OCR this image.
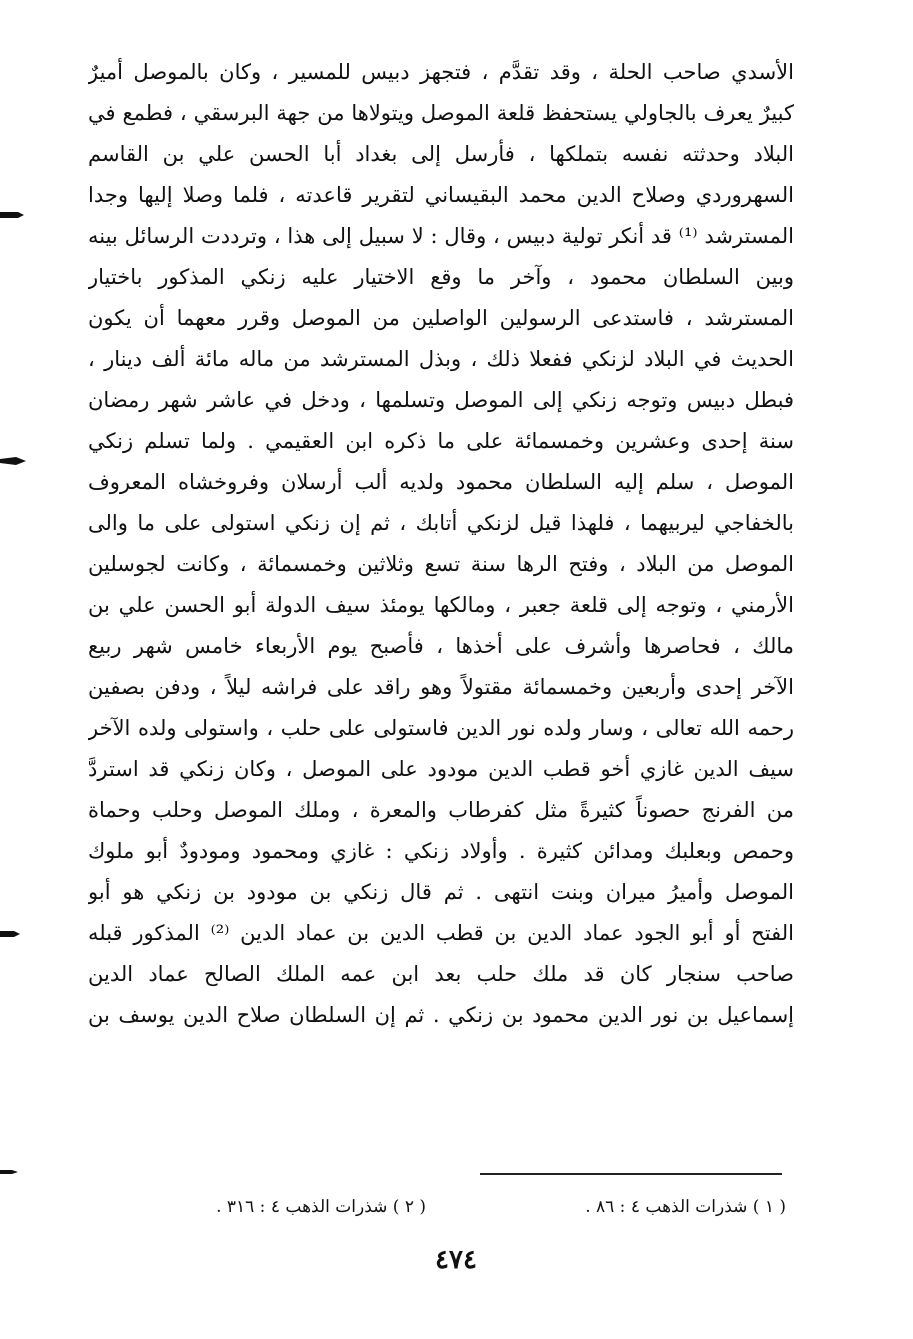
الأسدي صاحب الحلة ، وقد تقدَّم ، فتجهز دبيس للمسير ، وكان بالموصل أميرٌ
كبيرٌ يعرف بالجاولي يستحفظ قلعة الموصل ويتولاها من جهة البرسقي ، فطمع في
البلاد وحدثته نفسه بتملكها ، فأرسل إلى بغداد أبا الحسن علي بن القاسم
السهروردي وصلاح الدين محمد البقيساني لتقرير قاعدته ، فلما وصلا إليها وجدا
المسترشد ⁽¹⁾ قد أنكر تولية دبيس ، وقال : لا سبيل إلى هذا ، وترددت الرسائل بينه
وبين السلطان محمود ، وآخر ما وقع الاختيار عليه زنكي المذكور باختيار
المسترشد ، فاستدعى الرسولين الواصلين من الموصل وقرر معهما أن يكون
الحديث في البلاد لزنكي ففعلا ذلك ، وبذل المسترشد من ماله مائة ألف دينار ،
فبطل دبيس وتوجه زنكي إلى الموصل وتسلمها ، ودخل في عاشر شهر رمضان
سنة إحدى وعشرين وخمسمائة على ما ذكره ابن العقيمي . ولما تسلم زنكي
الموصل ، سلم إليه السلطان محمود ولديه ألب أرسلان وفروخشاه المعروف
بالخفاجي ليربيهما ، فلهذا قيل لزنكي أتابك ، ثم إن زنكي استولى على ما والى
الموصل من البلاد ، وفتح الرها سنة تسع وثلاثين وخمسمائة ، وكانت لجوسلين
الأرمني ، وتوجه إلى قلعة جعبر ، ومالكها يومئذ سيف الدولة أبو الحسن علي بن
مالك ، فحاصرها وأشرف على أخذها ، فأصبح يوم الأربعاء خامس شهر ربيع
الآخر إحدى وأربعين وخمسمائة مقتولاً وهو راقد على فراشه ليلاً ، ودفن بصفين
رحمه الله تعالى ، وسار ولده نور الدين فاستولى على حلب ، واستولى ولده الآخر
سيف الدين غازي أخو قطب الدين مودود على الموصل ، وكان زنكي قد استردَّ
من الفرنج حصوناً كثيرةً مثل كفرطاب والمعرة ، وملك الموصل وحلب وحماة
وحمص وبعلبك ومدائن كثيرة . وأولاد زنكي : غازي ومحمود ومودودٌ أبو ملوك
الموصل وأميرُ ميران وبنت انتهى . ثم قال زنكي بن مودود بن زنكي هو أبو
الفتح أو أبو الجود عماد الدين بن قطب الدين بن عماد الدين ⁽²⁾ المذكور قبله
صاحب سنجار كان قد ملك حلب بعد ابن عمه الملك الصالح عماد الدين
إسماعيل بن نور الدين محمود بن زنكي . ثم إن السلطان صلاح الدين يوسف بن
( ١ ) شذرات الذهب ٤ : ٨٦ .
( ٢ ) شذرات الذهب ٤ : ٣١٦ .
٤٧٤
